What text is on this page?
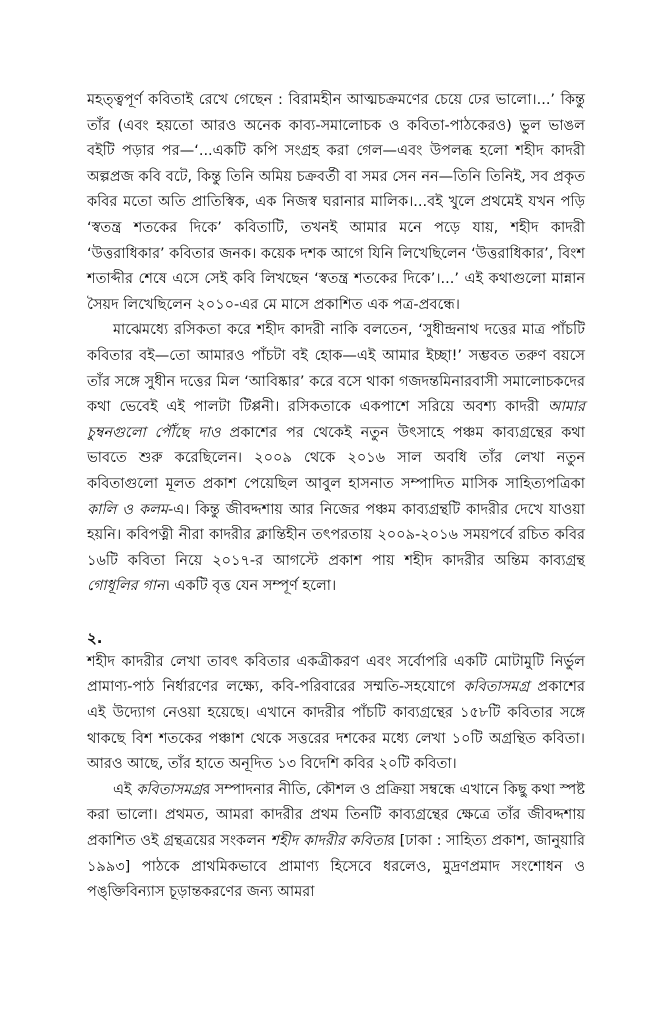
মহত্ত্বপূর্ণ কবিতাই রেখে গেছেন : বিরামহীন আত্মচক্রমণের চেয়ে ঢের ভালো।...’ কিন্তু তাঁর (এবং হয়তো আরও অনেক কাব্য-সমালোচক ও কবিতা-পাঠকেরও) ভুল ভাঙল বইটি পড়ার পর—‘...একটি কপি সংগ্রহ করা গেল—এবং উপলব্ধ হলো শহীদ কাদরী অল্পপ্রজ কবি বটে, কিন্তু তিনি অমিয় চক্রবর্তী বা সমর সেন নন—তিনি তিনিই, সব প্রকৃত কবির মতো অতি প্রাতিস্বিক, এক নিজস্ব ঘরানার মালিক।...বই খুলে প্রথমেই যখন পড়ি ‘স্বতন্ত্র শতকের দিকে’ কবিতাটি, তখনই আমার মনে পড়ে যায়, শহীদ কাদরী ‘উত্তরাধিকার’ কবিতার জনক। কয়েক দশক আগে যিনি লিখেছিলেন ‘উত্তরাধিকার’, বিংশ শতাব্দীর শেষে এসে সেই কবি লিখছেন ‘স্বতন্ত্র শতকের দিকে’।...’ এই কথাগুলো মান্নান সৈয়দ লিখেছিলেন ২০১০-এর মে মাসে প্রকাশিত এক পত্র-প্রবন্ধে।

মাঝেমধ্যে রসিকতা করে শহীদ কাদরী নাকি বলতেন, ‘সুধীন্দ্রনাথ দত্তের মাত্র পাঁচটি কবিতার বই—তো আমারও পাঁচটা বই হোক—এই আমার ইচ্ছা!’ সম্ভবত তরুণ বয়সে তাঁর সঙ্গে সুধীন দত্তের মিল ‘আবিষ্কার’ করে বসে থাকা গজদন্তমিনারবাসী সমালোচকদের কথা ভেবেই এই পালটা টিপ্পনী। রসিকতাকে একপাশে সরিয়ে অবশ্য কাদরী আমার চুম্বনগুলো পৌঁছে দাও প্রকাশের পর থেকেই নতুন উৎসাহে পঞ্চম কাব্যগ্রন্থের কথা ভাবতে শুরু করেছিলেন। ২০০৯ থেকে ২০১৬ সাল অবধি তাঁর লেখা নতুন কবিতাগুলো মূলত প্রকাশ পেয়েছিল আবুল হাসনাত সম্পাদিত মাসিক সাহিত্যপত্রিকা কালি ও কলম-এ। কিন্তু জীবদ্দশায় আর নিজের পঞ্চম কাব্যগ্রন্থটি কাদরীর দেখে যাওয়া হয়নি। কবিপত্নী নীরা কাদরীর ক্লান্তিহীন তৎপরতায় ২০০৯-২০১৬ সময়পর্বে রচিত কবির ১৬টি কবিতা নিয়ে ২০১৭-র আগস্টে প্রকাশ পায় শহীদ কাদরীর অন্তিম কাব্যগ্রন্থ গোধূলির গান। একটি বৃত্ত যেন সম্পূর্ণ হলো।

২.

শহীদ কাদরীর লেখা তাবৎ কবিতার একত্রীকরণ এবং সর্বোপরি একটি মোটামুটি নির্ভুল প্রামাণ্য-পাঠ নির্ধারণের লক্ষ্যে, কবি-পরিবারের সম্মতি-সহযোগে কবিতাসমগ্র প্রকাশের এই উদ্যোগ নেওয়া হয়েছে। এখানে কাদরীর পাঁচটি কাব্যগ্রন্থের ১৫৮টি কবিতার সঙ্গে থাকছে বিশ শতকের পঞ্চাশ থেকে সত্তরের দশকের মধ্যে লেখা ১০টি অগ্রন্থিত কবিতা। আরও আছে, তাঁর হাতে অনূদিত ১৩ বিদেশি কবির ২০টি কবিতা।

এই কবিতাসমগ্রর সম্পাদনার নীতি, কৌশল ও প্রক্রিয়া সম্বন্ধে এখানে কিছু কথা স্পষ্ট করা ভালো। প্রথমত, আমরা কাদরীর প্রথম তিনটি কাব্যগ্রন্থের ক্ষেত্রে তাঁর জীবদ্দশায় প্রকাশিত ওই গ্রন্থত্রয়ের সংকলন শহীদ কাদরীর কবিতার [ঢাকা : সাহিত্য প্রকাশ, জানুয়ারি ১৯৯৩] পাঠকে প্রাথমিকভাবে প্রামাণ্য হিসেবে ধরলেও, মুদ্রণপ্রমাদ সংশোধন ও পঙ্‌ক্তিবিন্যাস চূড়ান্তকরণের জন্য আমরা
